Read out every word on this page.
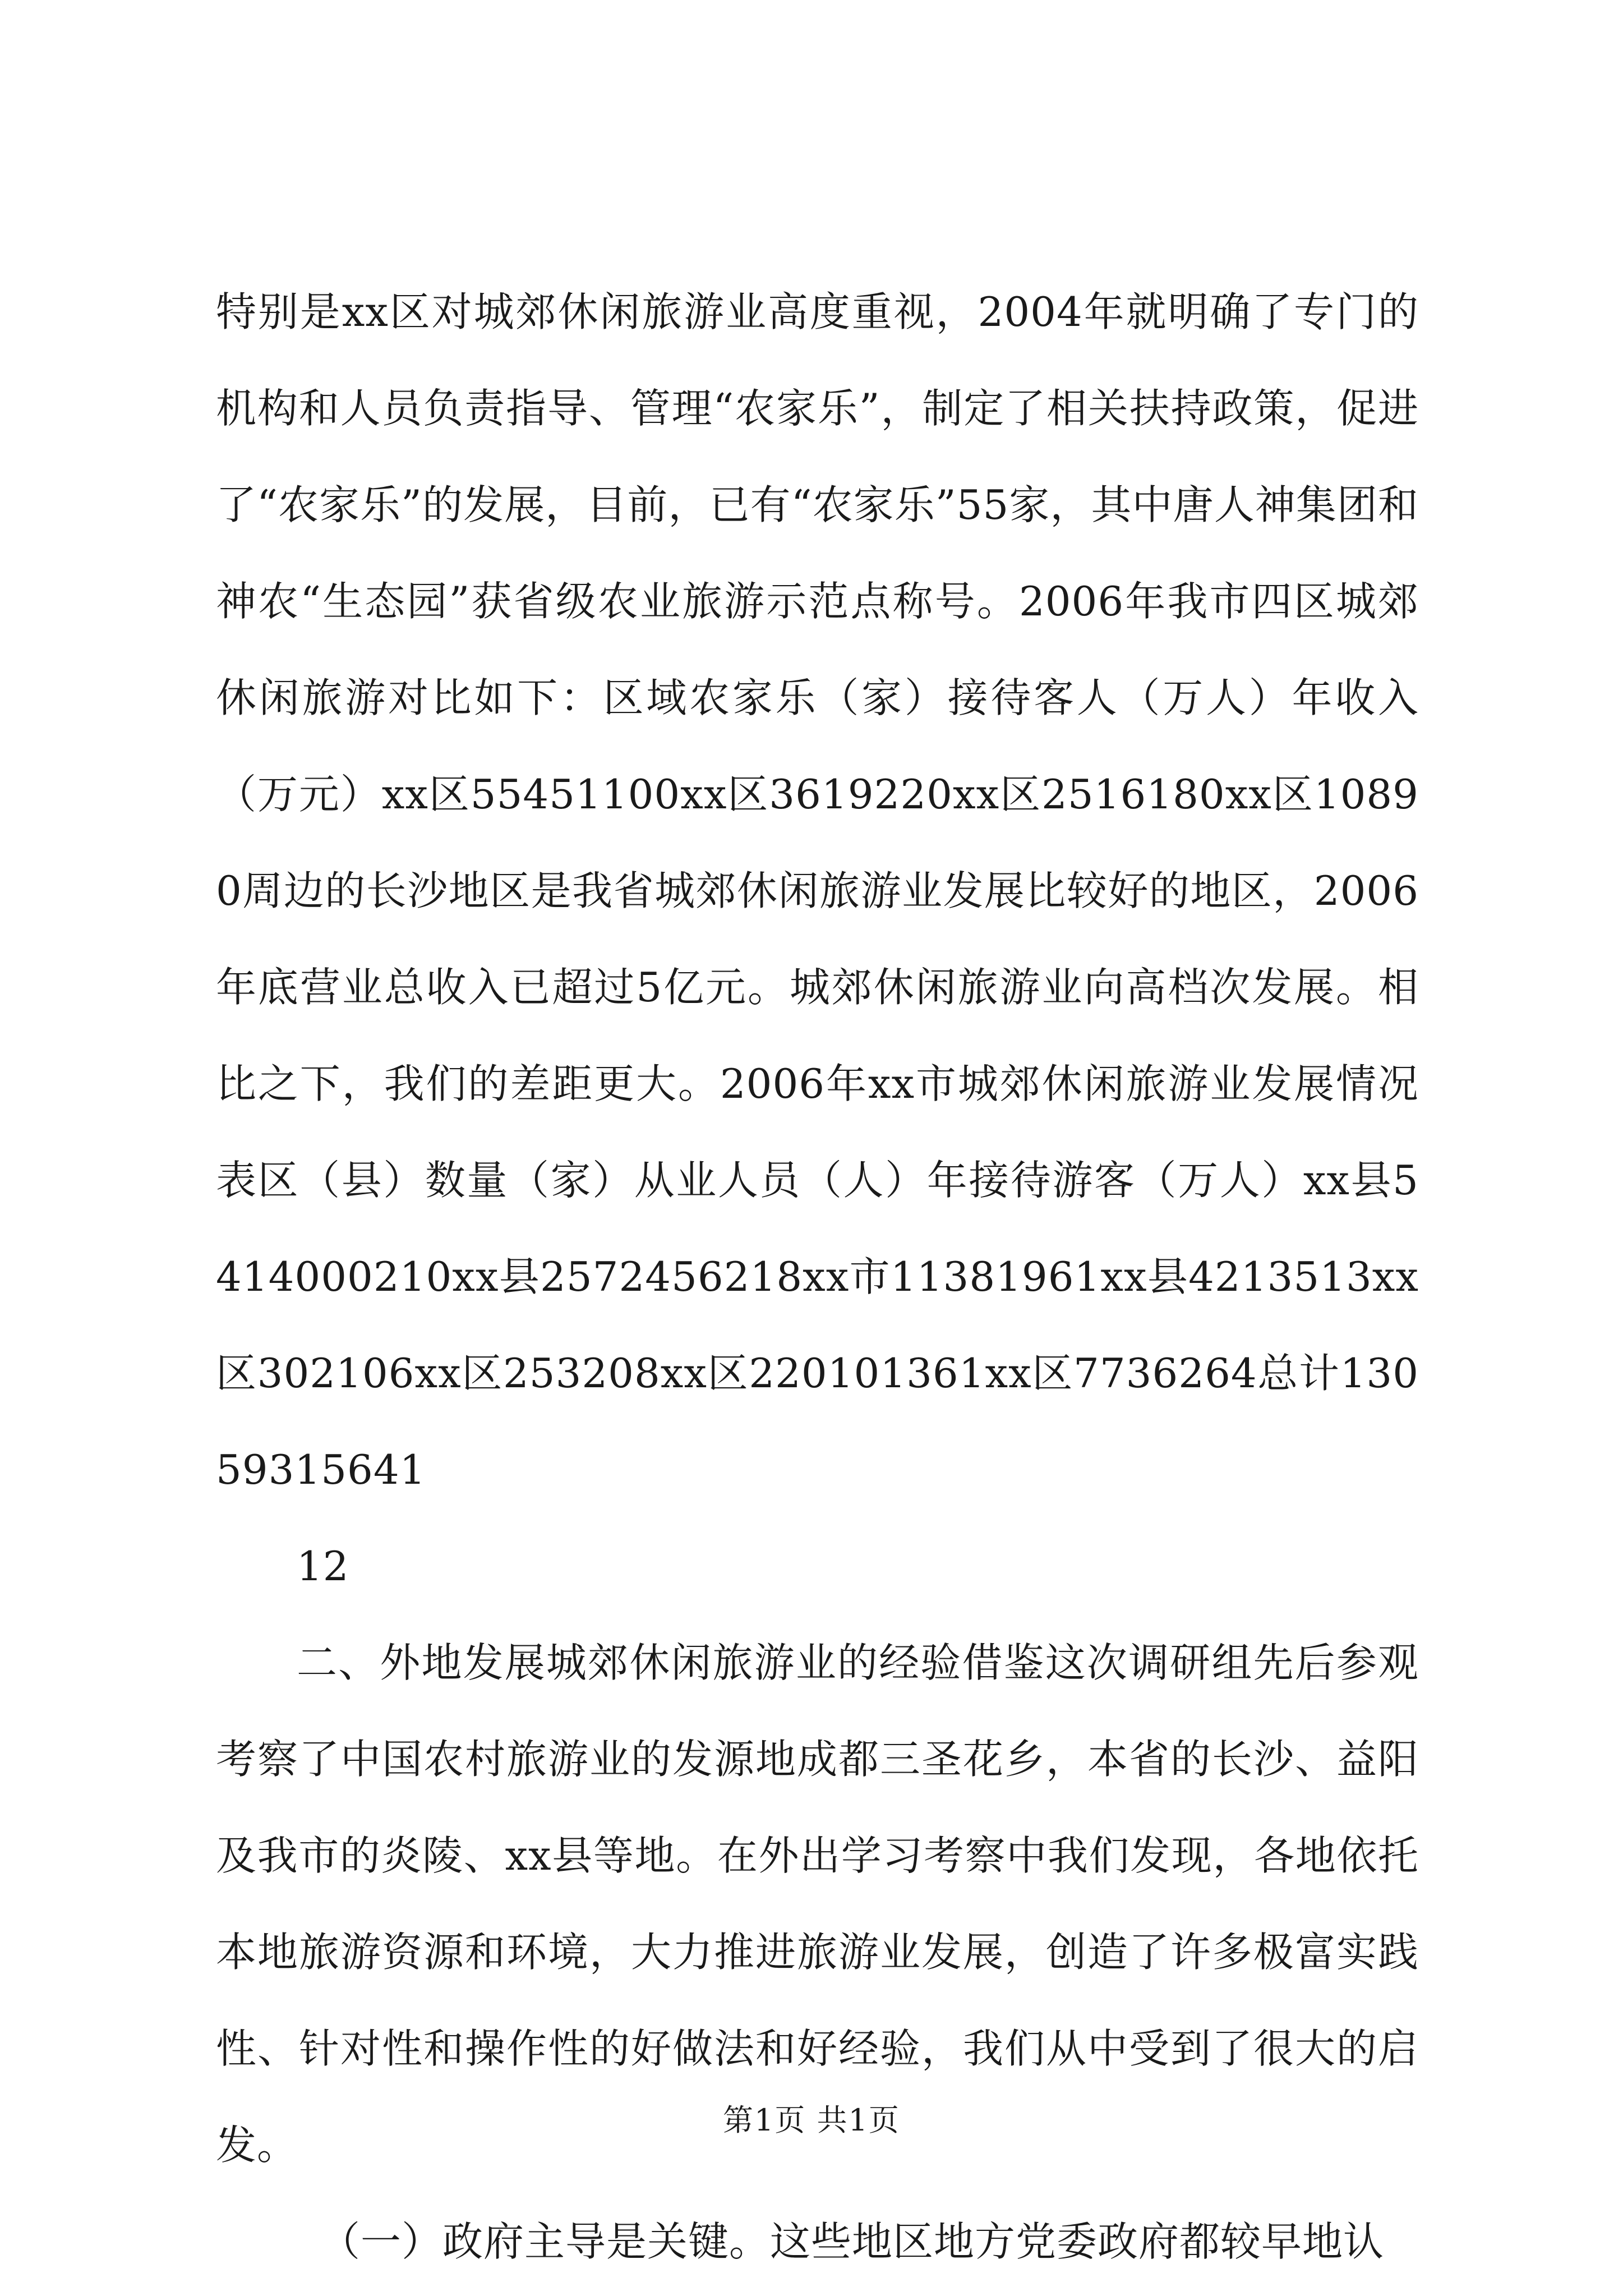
特别是xx区对城郊休闲旅游业高度重视，2004年就明确了专门的机构和人员负责指导、管理“农家乐”，制定了相关扶持政策，促进了“农家乐”的发展，目前，已有“农家乐”55家，其中唐人神集团和神农“生态园”获省级农业旅游示范点称号。2006年我市四区城郊休闲旅游对比如下：区域农家乐（家）接待客人（万人）年收入（万元）xx区55451100xx区3619220xx区2516180xx区10890周边的长沙地区是我省城郊休闲旅游业发展比较好的地区，2006年底营业总收入已超过5亿元。城郊休闲旅游业向高档次发展。相比之下，我们的差距更大。2006年xx市城郊休闲旅游业发展情况表区（县）数量（家）从业人员（人）年接待游客（万人）xx县5414000210xx县2572456218xx市11381961xx县4213513xx区302106xx区253208xx区220101361xx区7736264总计13059315641

12

二、外地发展城郊休闲旅游业的经验借鉴这次调研组先后参观考察了中国农村旅游业的发源地成都三圣花乡，本省的长沙、益阳及我市的炎陵、xx县等地。在外出学习考察中我们发现，各地依托本地旅游资源和环境，大力推进旅游业发展，创造了许多极富实践性、针对性和操作性的好做法和好经验，我们从中受到了很大的启发。

（一）政府主导是关键。这些地区地方党委政府都较早地认

第1页 共1页
